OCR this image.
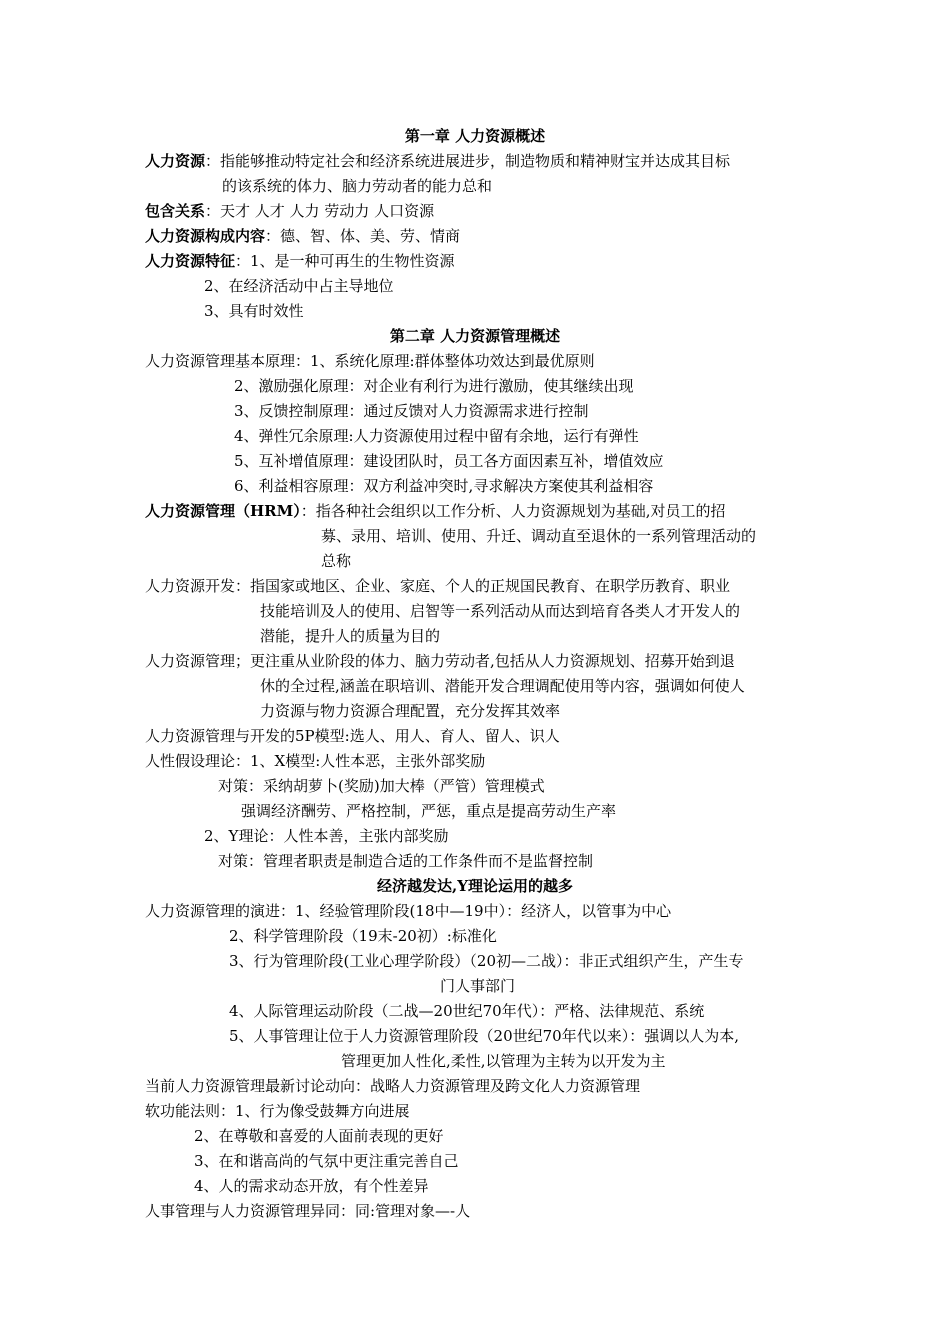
第一章 人力资源概述
人力资源：指能够推动特定社会和经济系统进展进步，制造物质和精神财宝并达成其目标
的该系统的体力、脑力劳动者的能力总和
包含关系：天才 人才 人力 劳动力 人口资源
人力资源构成内容：德、智、体、美、劳、情商
人力资源特征：1、是一种可再生的生物性资源
2、在经济活动中占主导地位
3、具有时效性
第二章 人力资源管理概述
人力资源管理基本原理：1、系统化原理:群体整体功效达到最优原则
2、激励强化原理：对企业有利行为进行激励，使其继续出现
3、反馈控制原理：通过反馈对人力资源需求进行控制
4、弹性冗余原理:人力资源使用过程中留有余地，运行有弹性
5、互补增值原理：建设团队时，员工各方面因素互补，增值效应
6、利益相容原理：双方利益冲突时,寻求解决方案使其利益相容
人力资源管理（HRM）：指各种社会组织以工作分析、人力资源规划为基础,对员工的招
募、录用、培训、使用、升迁、调动直至退休的一系列管理活动的
总称
人力资源开发：指国家或地区、企业、家庭、个人的正规国民教育、在职学历教育、职业
技能培训及人的使用、启智等一系列活动从而达到培育各类人才开发人的
潜能，提升人的质量为目的
人力资源管理；更注重从业阶段的体力、脑力劳动者,包括从人力资源规划、招募开始到退
休的全过程,涵盖在职培训、潜能开发合理调配使用等内容，强调如何使人
力资源与物力资源合理配置，充分发挥其效率
人力资源管理与开发的5P模型:选人、用人、育人、留人、识人
人性假设理论：1、X模型:人性本恶，主张外部奖励
对策：采纳胡萝卜(奖励)加大棒（严管）管理模式
强调经济酬劳、严格控制，严惩，重点是提高劳动生产率
2、Y理论：人性本善，主张内部奖励
对策：管理者职责是制造合适的工作条件而不是监督控制
经济越发达,Y理论运用的越多
人力资源管理的演进：1、经验管理阶段(18中—19中）：经济人，以管事为中心
2、科学管理阶段（19末-20初）:标准化
3、行为管理阶段(工业心理学阶段）（20初—二战）：非正式组织产生，产生专
门人事部门
4、人际管理运动阶段（二战—20世纪70年代）：严格、法律规范、系统
5、人事管理让位于人力资源管理阶段（20世纪70年代以来）：强调以人为本,
管理更加人性化,柔性,以管理为主转为以开发为主
当前人力资源管理最新讨论动向：战略人力资源管理及跨文化人力资源管理
软功能法则：1、行为像受鼓舞方向进展
2、在尊敬和喜爱的人面前表现的更好
3、在和谐高尚的气氛中更注重完善自己
4、人的需求动态开放，有个性差异
人事管理与人力资源管理异同：同:管理对象—-人
